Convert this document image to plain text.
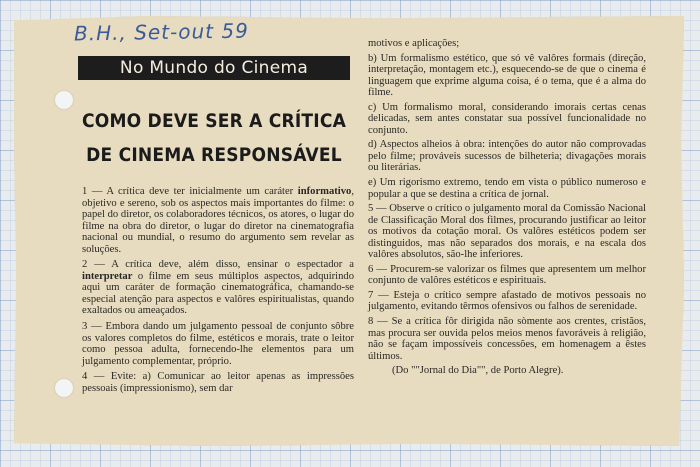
B.H., Set-out 59
No Mundo do Cinema
COMO DEVE SER A CRÍTICA DE CINEMA RESPONSÁVEL

1 — A crítica deve ter inicialmente um caráter informativo, objetivo e sereno, sob os aspectos mais importantes do filme: o papel do diretor, os colaboradores técnicos, os atores, o lugar do filme na obra do diretor, o lugar do diretor na cinematografia nacional ou mundial, o resumo do argumento sem revelar as soluções.

2 — A crítica deve, além disso, ensinar o espectador a interpretar o filme em seus múltiplos aspectos, adquirindo aqui um caráter de formação cinematográfica, chamando-se especial atenção para aspectos e valôres espiritualistas, quando exaltados ou ameaçados.

3 — Embora dando um julgamento pessoal de conjunto sôbre os valores completos do filme, estéticos e morais, trate o leitor como pessoa adulta, fornecendo-lhe elementos para um julgamento complementar, próprio.

4 — Evite: a) Comunicar ao leitor apenas as impressões pessoais (impressionismo), sem dar

motivos e aplicações;

b) Um formalismo estético, que só vê valôres formais (direção, interpretação, montagem etc.), esquecendo-se de que o cinema é linguagem que exprime alguma coisa, é o tema, que é a alma do filme.

c) Um formalismo moral, considerando imorais certas cenas delicadas, sem antes constatar sua possível funcionalidade no conjunto.

d) Aspectos alheios à obra: intenções do autor não comprovadas pelo filme; prováveis sucessos de bilheteria; divagações morais ou literárias.

e) Um rigorismo extremo, tendo em vista o público numeroso e popular a que se destina a crítica de jornal.

5 — Observe o crítico o julgamento moral da Comissão Nacional de Classificação Moral dos filmes, procurando justificar ao leitor os motivos da cotação moral. Os valôres estéticos podem ser distinguidos, mas não separados dos morais, e na escala dos valôres absolutos, são-lhe inferiores.

6 — Procurem-se valorizar os filmes que apresentem um melhor conjunto de valôres estéticos e espirituais.

7 — Esteja o crítico sempre afastado de motivos pessoais no julgamento, evitando têrmos ofensivos ou falhos de serenidade.

8 — Se a crítica fôr dirigida não sòmente aos crentes, cristãos, mas procura ser ouvida pelos meios menos favoráveis à religião, não se façam impossíveis concessões, em homenagem a êstes últimos.

(Do ""Jornal do Dia"", de Porto Alegre).
